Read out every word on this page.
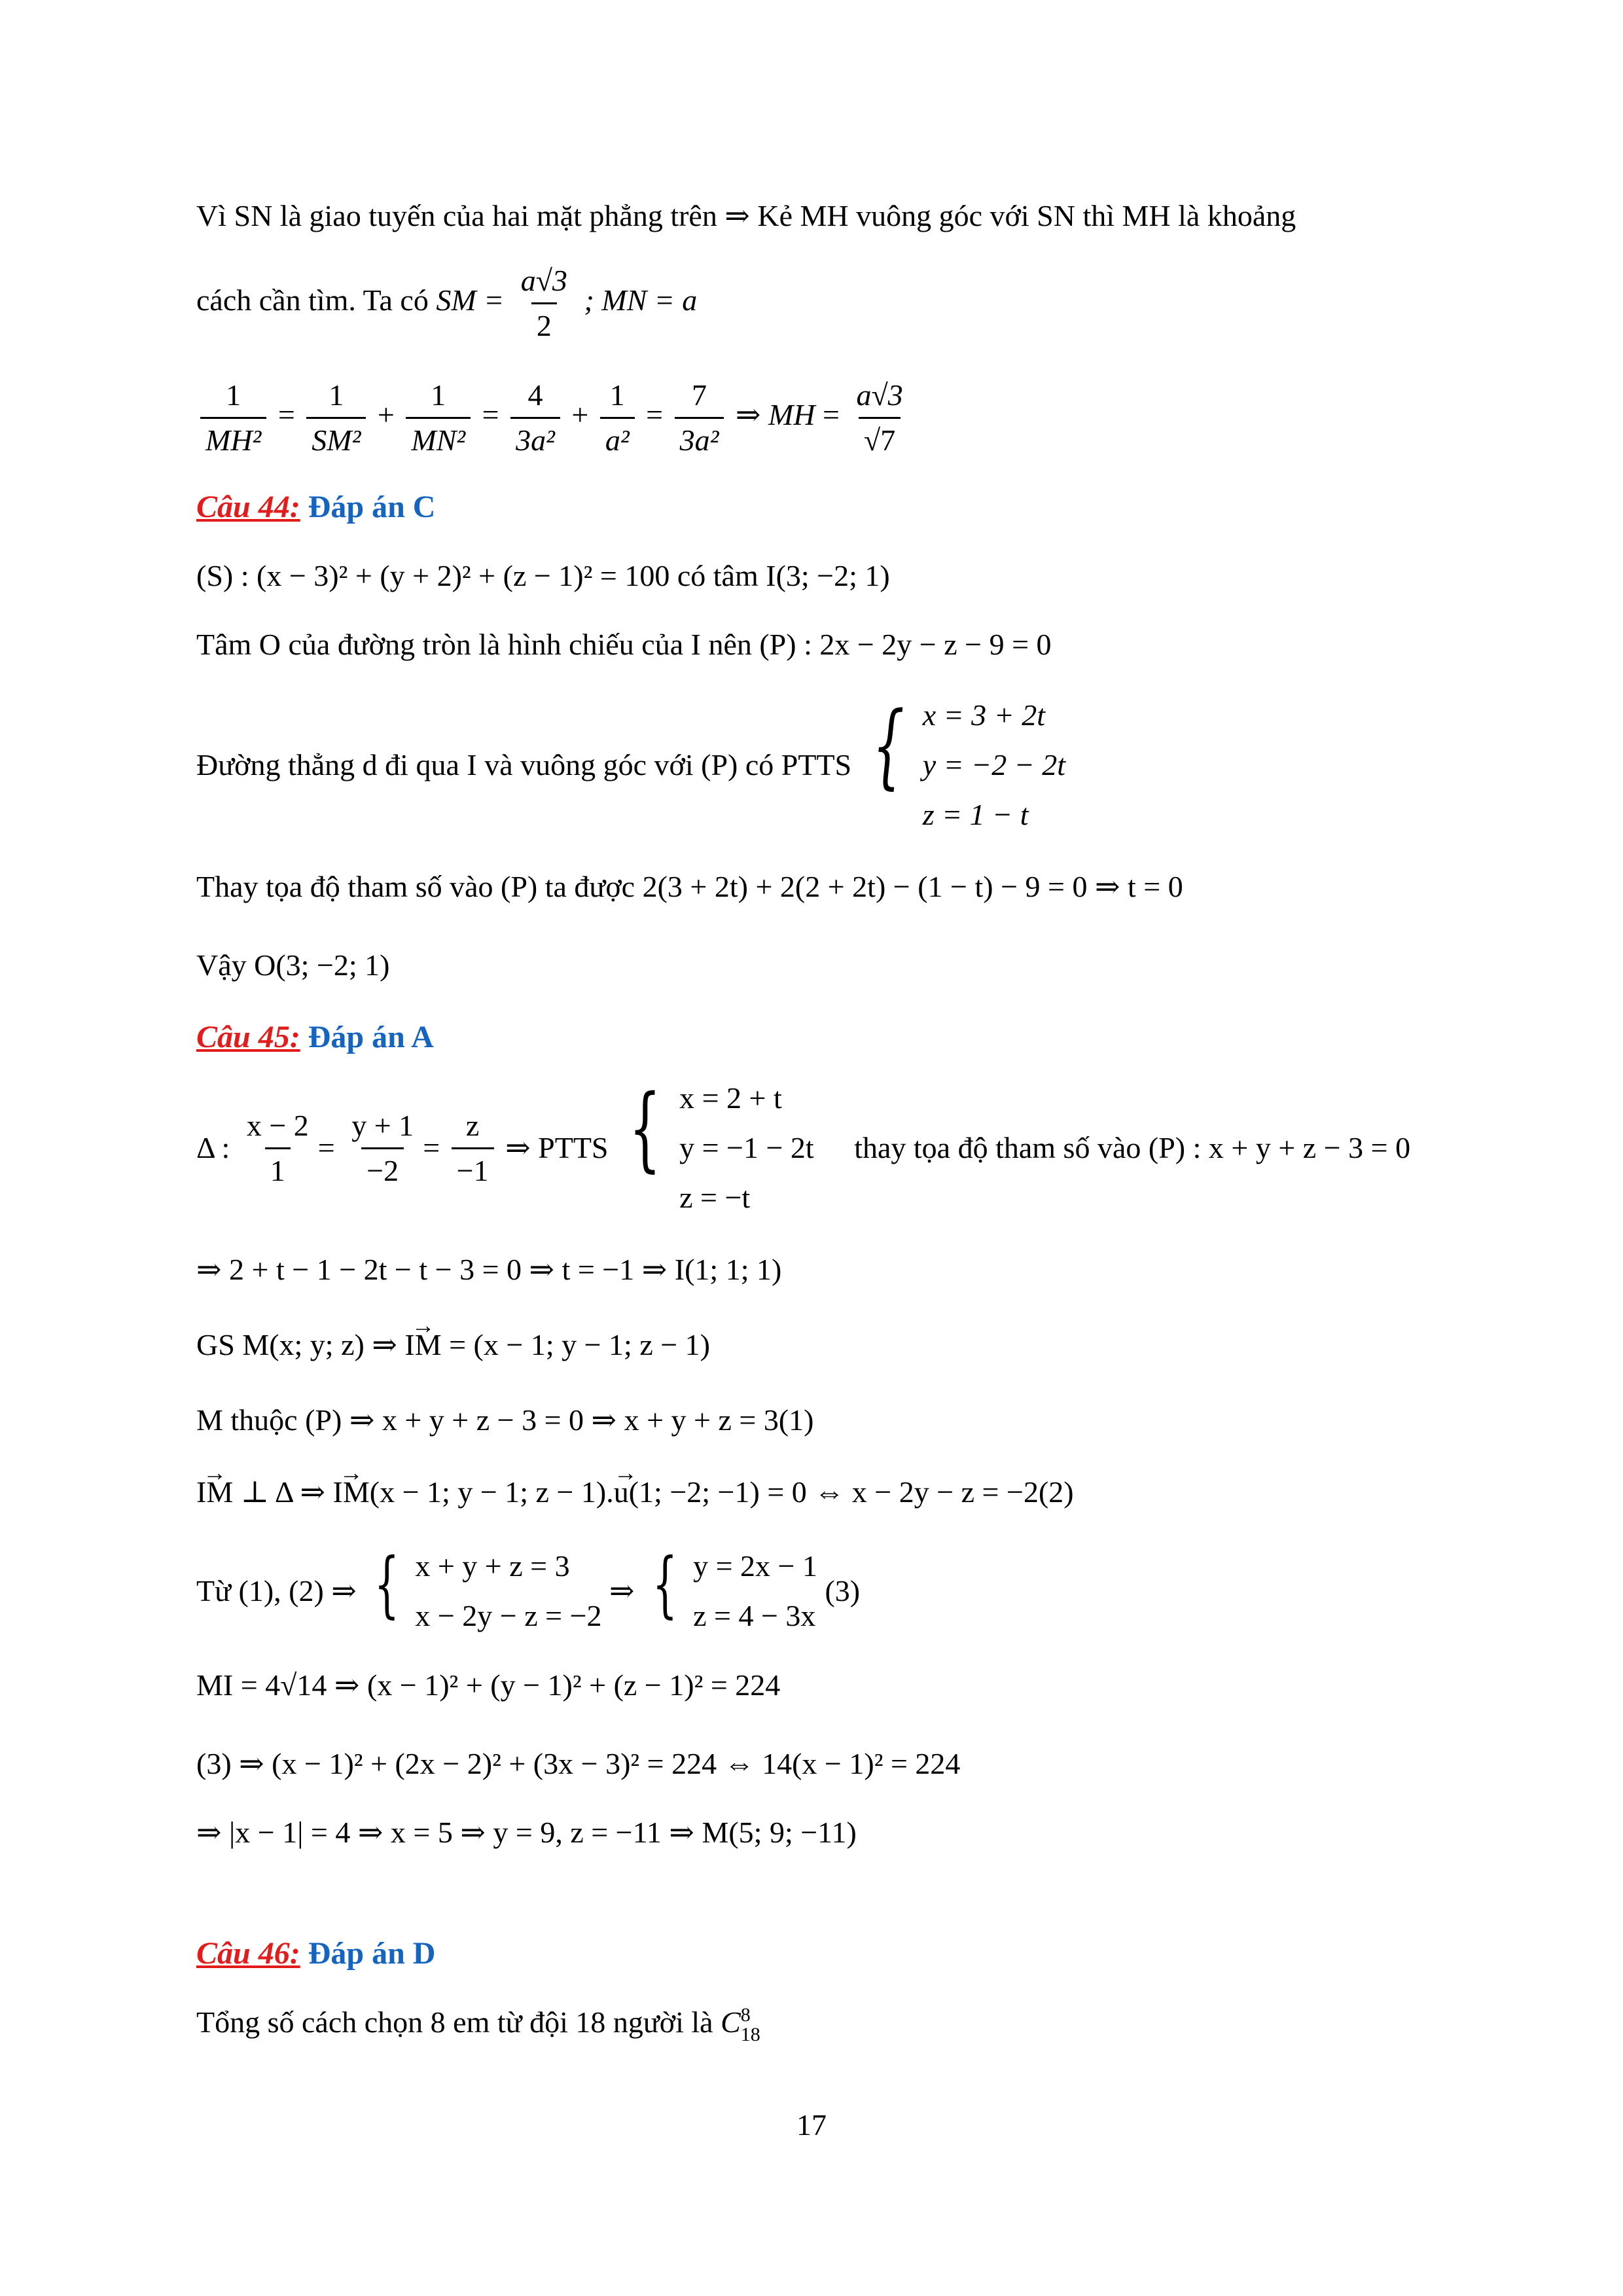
Vì SN là giao tuyến của hai mặt phẳng trên ⇒ Kẻ MH vuông góc với SN thì MH là khoảng
cách cần tìm. Ta có SM = $\frac{a√3}{2}$ ; MN = a
$\frac{1}{\text{MH²}} = \frac{1}{\text{SM²}} + \frac{1}{\text{MN²}} = \frac{4}{\text{3a²}} + \frac{1}{\text{a²}} = \frac{7}{\text{3a²}}$ ⇒ MH = $\frac{a√3}{√7}$
Câu 44: Đáp án C
(S) : (x − 3)² + (y + 2)² + (z − 1)² = 100 có tâm I(3; −2; 1)
Tâm O của đường tròn là hình chiếu của I nên (P) : 2x − 2y − z − 9 = 0
Đường thẳng d đi qua I và vuông góc với (P) có PTTS { x = 3 + 2t
y = −2 − 2t
z = 1 − t
Thay tọa độ tham số vào (P) ta được 2(3 + 2t) + 2(2 + 2t) − (1 − t) − 9 = 0 ⇒ t = 0
Vậy O(3; −2; 1)
Câu 45: Đáp án A
Δ : $\frac{x - 2}{1} = \frac{y + 1}{-2} = \frac{z}{-1}$ ⇒ PTTS { x = 2 + t
y = −1 − 2t
z = −t
thay tọa độ tham số vào (P) : x + y + z − 3 = 0
⇒ 2 + t − 1 − 2t − t − 3 = 0 ⇒ t = −1 ⇒ I(1; 1; 1)
GS M(x; y; z) ⇒ → IM = (x − 1; y − 1; z − 1)
M thuộc (P) ⇒ x + y + z − 3 = 0 ⇒ x + y + z = 3(1)
→ IM ⊥ Δ ⇒ → IM(x − 1; y − 1; z − 1).→ u(1; −2; −1) = 0 ⇔ x − 2y − z = −2(2)
Từ (1), (2) ⇒ { x + y + z = 3
x − 2y − z = −2
⇒ { y = 2x − 1
z = 4 − 3x
(3)
MI = 4√14 ⇒ (x − 1)² + (y − 1)² + (z − 1)² = 224
(3) ⇒ (x − 1)² + (2x − 2)² + (3x − 3)² = 224 ⇔ 14(x − 1)² = 224
⇒ |x − 1| = 4 ⇒ x = 5 ⇒ y = 9, z = −11 ⇒ M(5; 9; −11)
Câu 46: Đáp án D
Tổng số cách chọn 8 em từ đội 18 người là C 8
18
17
